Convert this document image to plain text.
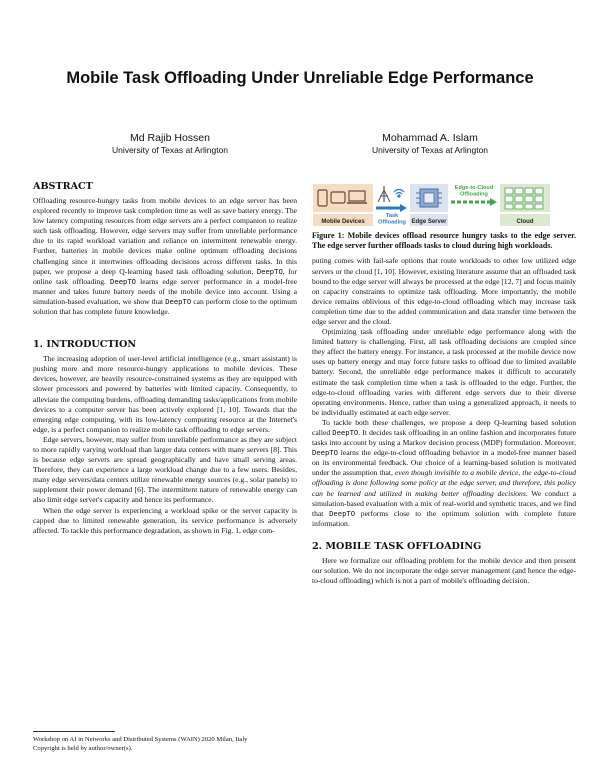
Mobile Task Offloading Under Unreliable Edge Performance
Md Rajib Hossen
University of Texas at Arlington
Mohammad A. Islam
University of Texas at Arlington
ABSTRACT

Offloading resource-hungry tasks from mobile devices to an edge server has been explored recently to improve task completion time as well as save battery energy. The low latency computing resources from edge servers are a perfect companion to realize such task offloading. However, edge servers may suffer from unreliable performance due to its rapid workload variation and reliance on intermittent renewable energy. Further, batteries in mobile devices make online optimum offloading decisions challenging since it intertwines offloading decisions across different tasks. In this paper, we propose a deep Q-learning based task offloading solution, DeepTO, for online task offloading. DeepTO learns edge server performance in a model-free manner and takes future battery needs of the mobile device into account. Using a simulation-based evaluation, we show that DeepTO can perform close to the optimum solution that has complete future knowledge.

1. INTRODUCTION

The increasing adoption of user-level artificial intelligence (e.g., smart assistant) is pushing more and more resource-hungry applications to mobile devices. These devices, however, are heavily resource-constrained systems as they are equipped with slower processors and powered by batteries with limited capacity. Consequently, to alleviate the computing burdens, offloading demanding tasks/applications from mobile devices to a computer server has been actively explored [1, 10]. Towards that the emerging edge computing, with its low-latency computing resource at the Internet's edge, is a perfect companion to realize mobile task offloading to edge servers.

Edge servers, however, may suffer from unreliable performance as they are subject to more rapidly varying workload than larger data centers with many servers [8]. This is because edge servers are spread geographically and have small serving areas. Therefore, they can experience a large workload change due to a few users. Besides, many edge servers/data centers utilize renewable energy sources (e.g., solar panels) to supplement their power demand [6]. The intermittent nature of renewable energy can also limit edge server's capacity and hence its performance.

When the edge server is experiencing a workload spike or the server capacity is capped due to limited renewable generation, its service performance is adversely affected. To tackle this performance degradation, as shown in Fig. 1, edge com-

Workshop on AI in Networks and Distributed Systems (WAIN) 2020 Milan, Italy
Copyright is held by author/owner(s).
Mobile Devices
Task Offloading Edge Server
Edge-to-Cloud Offloading
Cloud
Figure 1: Mobile devices offload resource hungry tasks to the edge server. The edge server further offloads tasks to cloud during high workloads.

puting comes with fail-safe options that route workloads to other low utilized edge servers or the cloud [1, 10]. However, existing literature assume that an offloaded task bound to the edge server will always be processed at the edge [12, 7] and focus mainly on capacity constraints to optimize task offloading. More importantly, the mobile device remains oblivious of this edge-to-cloud offloading which may increase task completion time due to the added communication and data transfer time between the edge server and the cloud.

Optimizing task offloading under unreliable edge performance along with the limited battery is challenging. First, all task offloading decisions are coupled since they affect the battery energy. For instance, a task processed at the mobile device now uses up battery energy and may force future tasks to offload due to limited available battery. Second, the unreliable edge performance makes it difficult to accurately estimate the task completion time when a task is offloaded to the edge. Further, the edge-to-cloud offloading varies with different edge servers due to their diverse operating environments. Hence, rather than using a generalized approach, it needs to be individually estimated at each edge server.

To tackle both these challenges, we propose a deep Q-learning based solution called DeepTO. It decides task offloading in an online fashion and incorporates future tasks into account by using a Markov decision process (MDP) formulation. Moreover, DeepTO learns the edge-to-cloud offloading behavior in a model-free manner based on its environmental feedback. Our choice of a learning-based solution is motivated under the assumption that, even though invisible to a mobile device, the edge-to-cloud offloading is done following some policy at the edge server, and therefore, this policy can be learned and utilized in making better offloading decisions. We conduct a simulation-based evaluation with a mix of real-world and synthetic traces, and we find that DeepTO performs close to the optimum solution with complete future information.

2. MOBILE TASK OFFLOADING

Here we formalize our offloading problem for the mobile device and then present our solution. We do not incorporate the edge server management (and hence the edge-to-cloud offloading) which is not a part of mobile's offloading decision.
